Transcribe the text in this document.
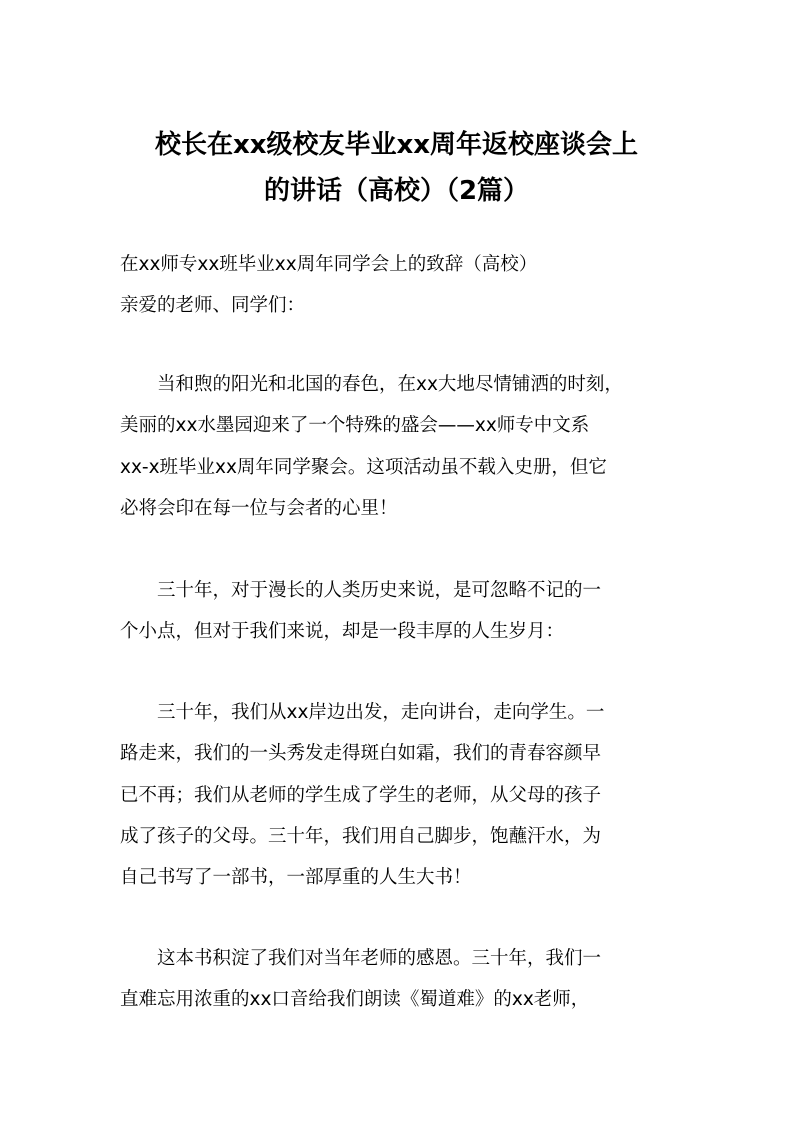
校长在xx级校友毕业xx周年返校座谈会上
的讲话（高校）（2篇）

在xx师专xx班毕业xx周年同学会上的致辞（高校）

亲爱的老师、同学们：

　　当和煦的阳光和北国的春色，在xx大地尽情铺洒的时刻，

美丽的xx水墨园迎来了一个特殊的盛会——xx师专中文系

xx-x班毕业xx周年同学聚会。这项活动虽不载入史册，但它

必将会印在每一位与会者的心里！

　　三十年，对于漫长的人类历史来说，是可忽略不记的一

个小点，但对于我们来说，却是一段丰厚的人生岁月：

　　三十年，我们从xx岸边出发，走向讲台，走向学生。一

路走来，我们的一头秀发走得斑白如霜，我们的青春容颜早

已不再；我们从老师的学生成了学生的老师，从父母的孩子

成了孩子的父母。三十年，我们用自己脚步，饱蘸汗水，为

自己书写了一部书，一部厚重的人生大书！

　　这本书积淀了我们对当年老师的感恩。三十年，我们一

直难忘用浓重的xx口音给我们朗读《蜀道难》的xx老师，
